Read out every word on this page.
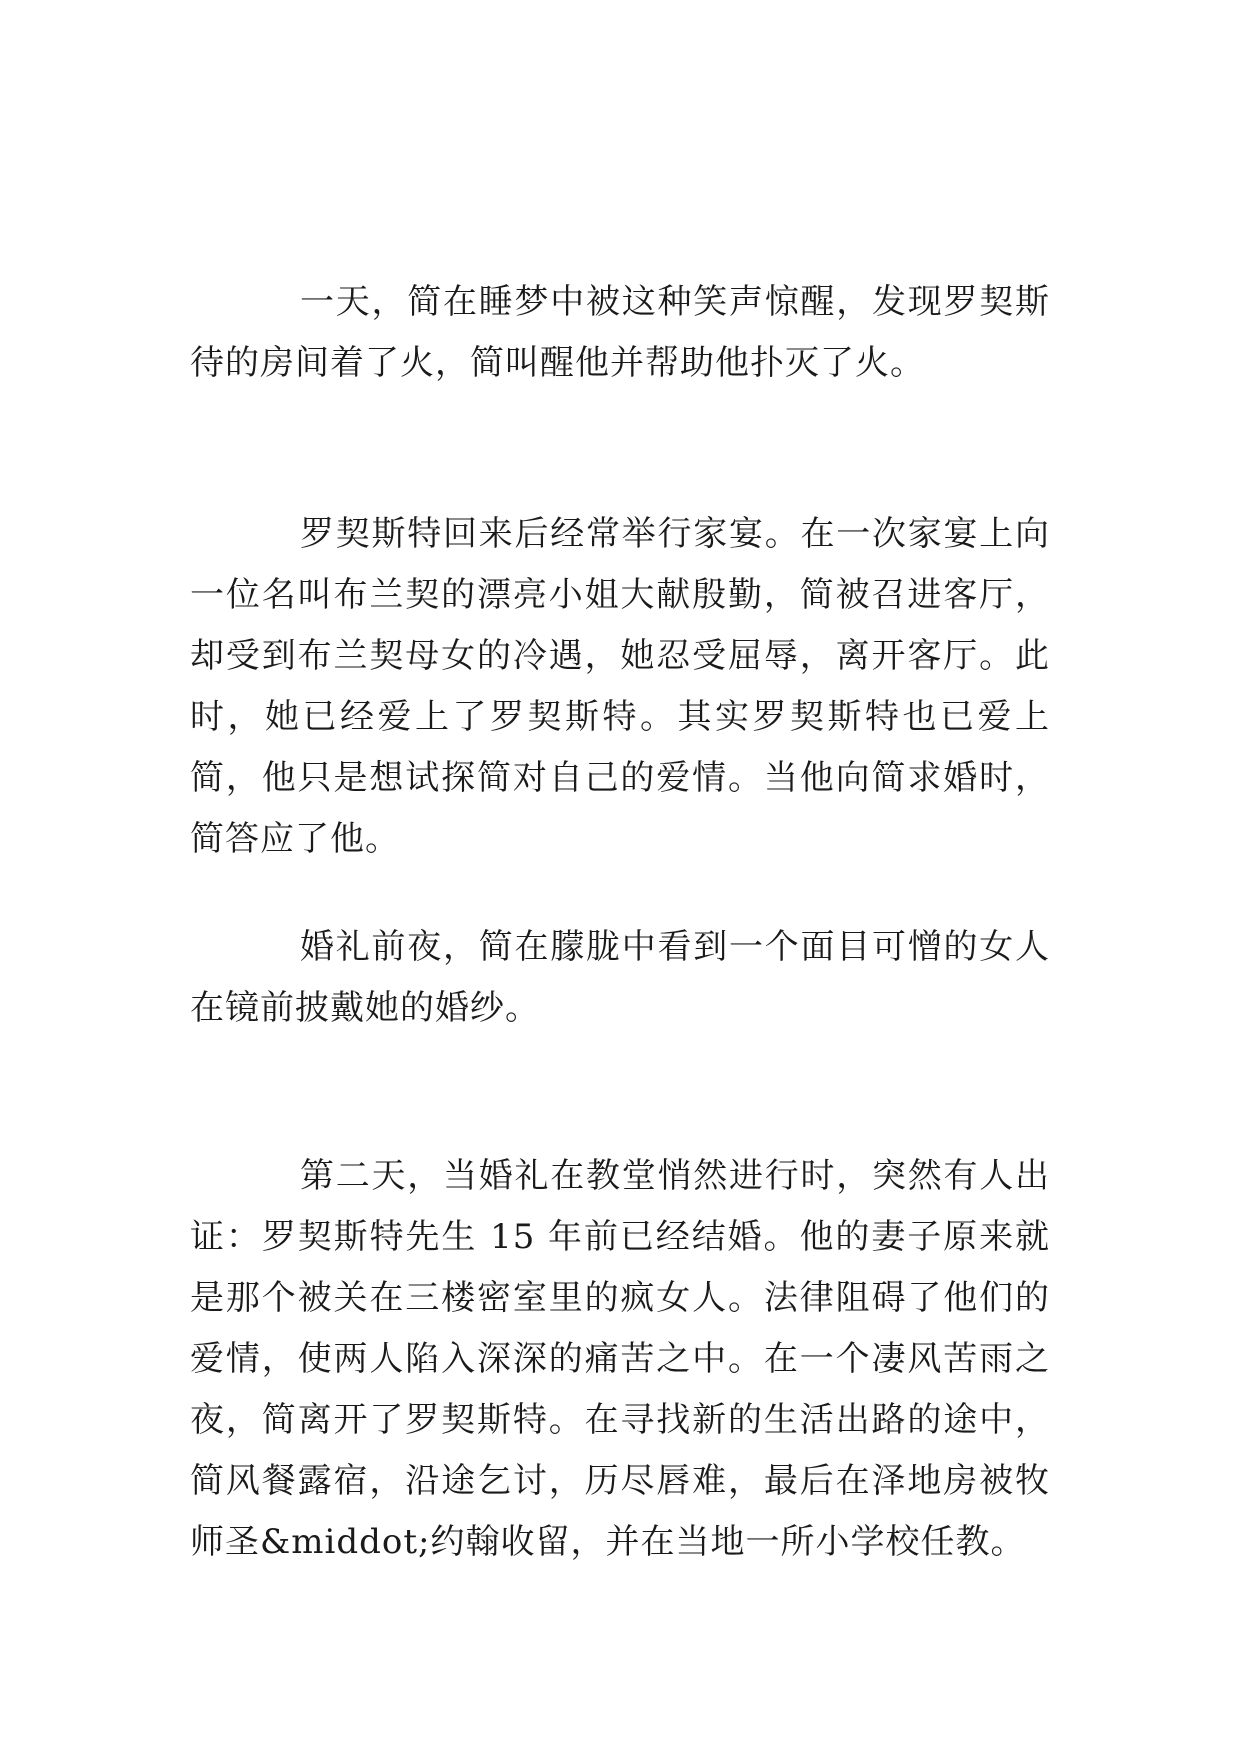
一天，简在睡梦中被这种笑声惊醒，发现罗契斯待的房间着了火，简叫醒他并帮助他扑灭了火。

罗契斯特回来后经常举行家宴。在一次家宴上向一位名叫布兰契的漂亮小姐大献殷勤，简被召进客厅，却受到布兰契母女的冷遇，她忍受屈辱，离开客厅。此时，她已经爱上了罗契斯特。其实罗契斯特也已爱上简，他只是想试探简对自己的爱情。当他向简求婚时，简答应了他。

婚礼前夜，简在朦胧中看到一个面目可憎的女人在镜前披戴她的婚纱。

第二天，当婚礼在教堂悄然进行时，突然有人出证：罗契斯特先生 15 年前已经结婚。他的妻子原来就是那个被关在三楼密室里的疯女人。法律阻碍了他们的爱情，使两人陷入深深的痛苦之中。在一个凄风苦雨之夜，简离开了罗契斯特。在寻找新的生活出路的途中，简风餐露宿，沿途乞讨，历尽唇难，最后在泽地房被牧师圣&middot;约翰收留，并在当地一所小学校任教。
